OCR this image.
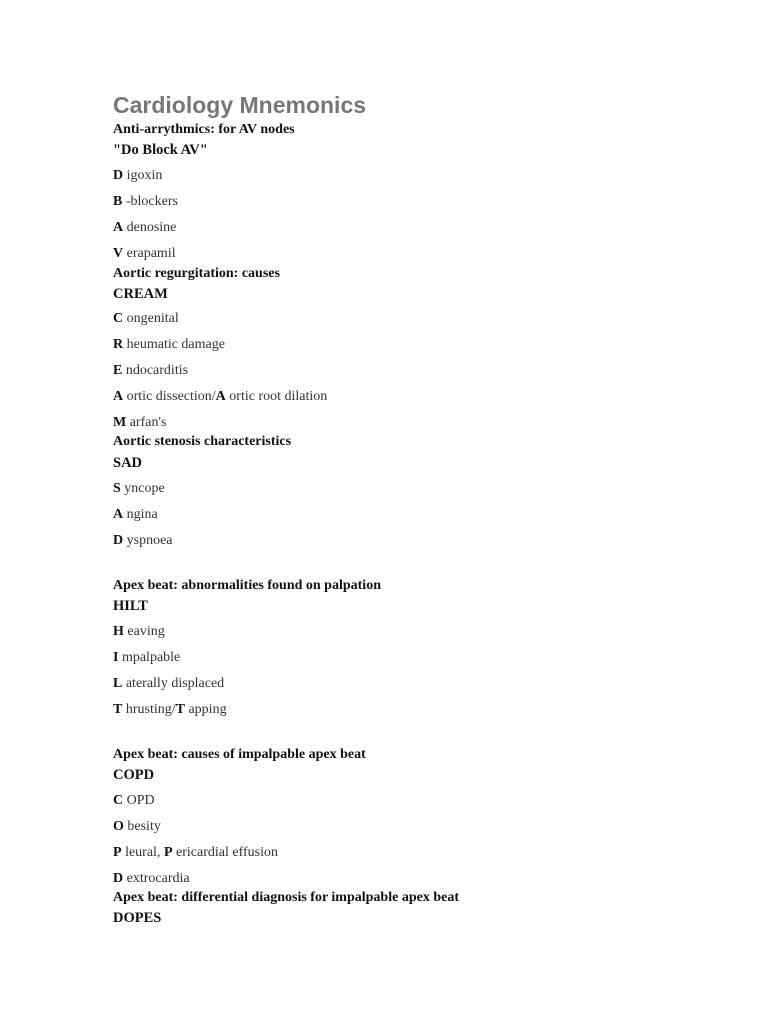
Cardiology Mnemonics
Anti-arrythmics: for AV nodes
"Do Block AV"
D igoxin
B -blockers
A denosine
V erapamil
Aortic regurgitation: causes
CREAM
C ongenital
R heumatic damage
E ndocarditis
A ortic dissection/A ortic root dilation
M arfan's
Aortic stenosis characteristics
SAD
S yncope
A ngina
D yspnoea
Apex beat: abnormalities found on palpation
HILT
H eaving
I mpalpable
L aterally displaced
T hrusting/T apping
Apex beat: causes of impalpable apex beat
COPD
C OPD
O besity
P leural, P ericardial effusion
D extrocardia
Apex beat: differential diagnosis for impalpable apex beat
DOPES
